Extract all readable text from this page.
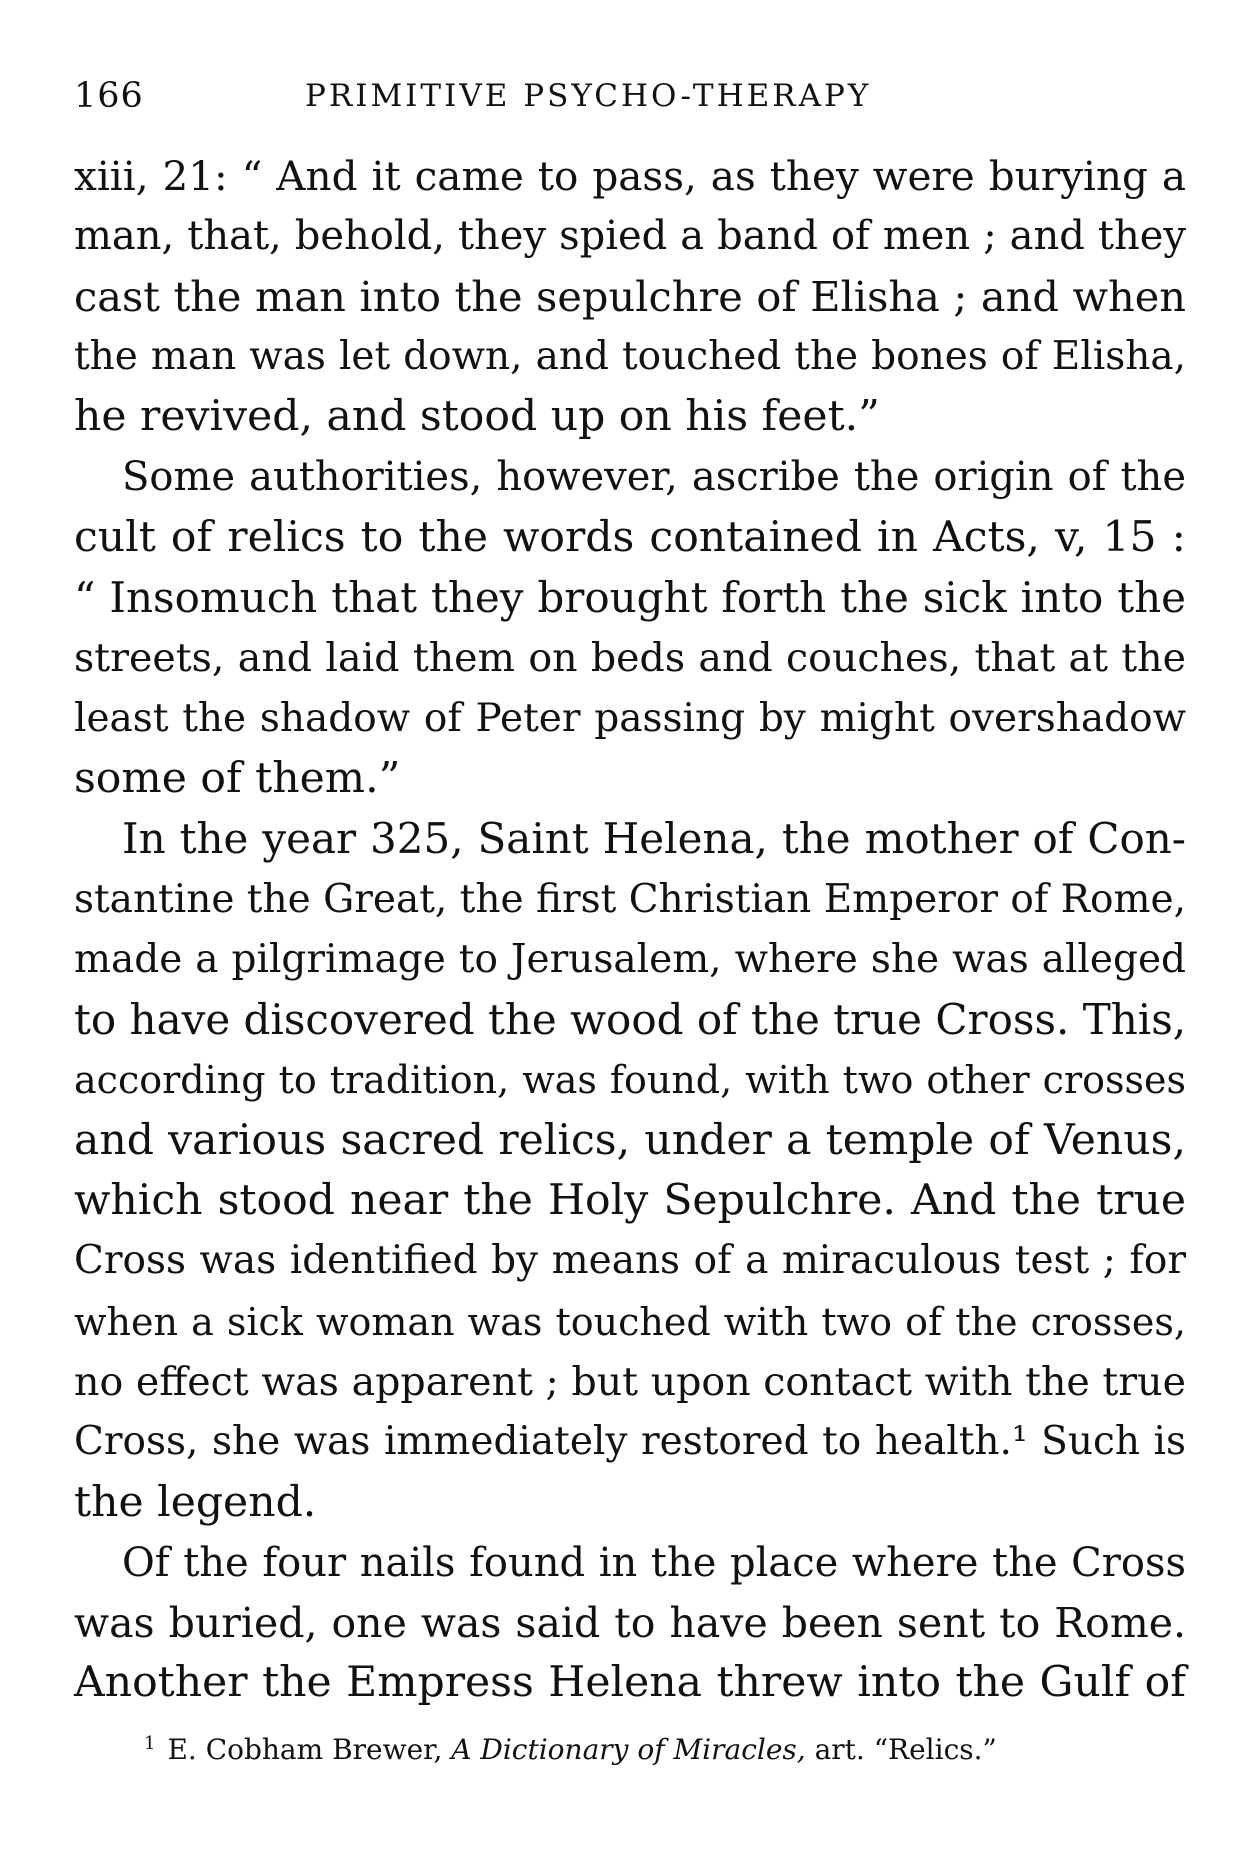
166	PRIMITIVE PSYCHO-THERAPY
xiii, 21: “ And it came to pass, as they were burying a
man, that, behold, they spied a band of men ; and they
cast the man into the sepulchre of Elisha ; and when
the man was let down, and touched the bones of Elisha,
he revived, and stood up on his feet.”
Some authorities, however, ascribe the origin of the
cult of relics to the words contained in Acts, v, 15 :
“ Insomuch that they brought forth the sick into the
streets, and laid them on beds and couches, that at the
least the shadow of Peter passing by might overshadow
some of them.”
In the year 325, Saint Helena, the mother of Con-
stantine the Great, the first Christian Emperor of Rome,
made a pilgrimage to Jerusalem, where she was alleged
to have discovered the wood of the true Cross. This,
according to tradition, was found, with two other crosses
and various sacred relics, under a temple of Venus,
which stood near the Holy Sepulchre. And the true
Cross was identified by means of a miraculous test ; for
when a sick woman was touched with two of the crosses,
no effect was apparent ; but upon contact with the true
Cross, she was immediately restored to health.¹ Such is
the legend.
Of the four nails found in the place where the Cross
was buried, one was said to have been sent to Rome.
Another the Empress Helena threw into the Gulf of
$^1$ E. Cobham Brewer, A Dictionary of Miracles, art. “Relics.”
